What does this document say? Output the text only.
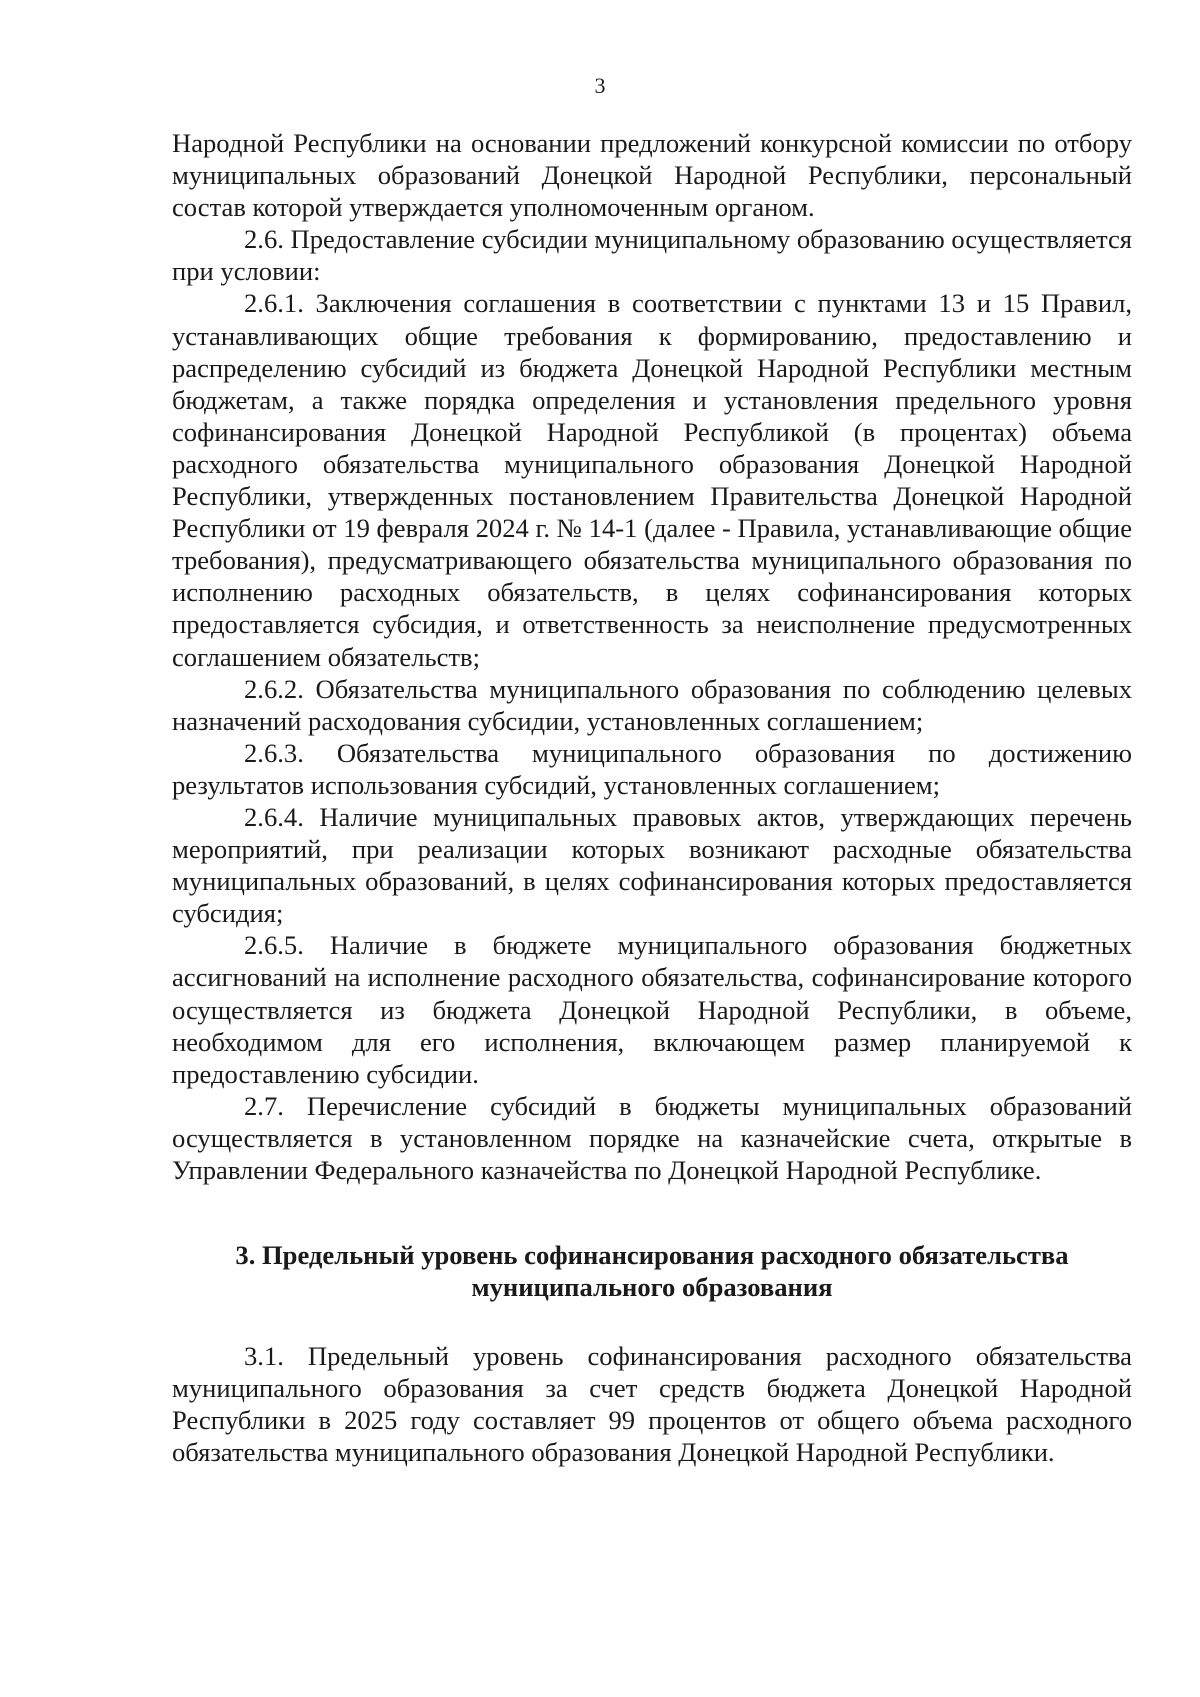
3

Народной Республики на основании предложений конкурсной комиссии по отбору муниципальных образований Донецкой Народной Республики, персональный состав которой утверждается уполномоченным органом.

2.6. Предоставление субсидии муниципальному образованию осуществляется при условии:

2.6.1. Заключения соглашения в соответствии с пунктами 13 и 15 Правил, устанавливающих общие требования к формированию, предоставлению и распределению субсидий из бюджета Донецкой Народной Республики местным бюджетам, а также порядка определения и установления предельного уровня софинансирования Донецкой Народной Республикой (в процентах) объема расходного обязательства муниципального образования Донецкой Народной Республики, утвержденных постановлением Правительства Донецкой Народной Республики от 19 февраля 2024 г. № 14-1 (далее - Правила, устанавливающие общие требования), предусматривающего обязательства муниципального образования по исполнению расходных обязательств, в целях софинансирования которых предоставляется субсидия, и ответственность за неисполнение предусмотренных соглашением обязательств;

2.6.2. Обязательства муниципального образования по соблюдению целевых назначений расходования субсидии, установленных соглашением;

2.6.3. Обязательства муниципального образования по достижению результатов использования субсидий, установленных соглашением;

2.6.4. Наличие муниципальных правовых актов, утверждающих перечень мероприятий, при реализации которых возникают расходные обязательства муниципальных образований, в целях софинансирования которых предоставляется субсидия;

2.6.5. Наличие в бюджете муниципального образования бюджетных ассигнований на исполнение расходного обязательства, софинансирование которого осуществляется из бюджета Донецкой Народной Республики, в объеме, необходимом для его исполнения, включающем размер планируемой к предоставлению субсидии.

2.7. Перечисление субсидий в бюджеты муниципальных образований осуществляется в установленном порядке на казначейские счета, открытые в Управлении Федерального казначейства по Донецкой Народной Республике.

3. Предельный уровень софинансирования расходного обязательства
муниципального образования

3.1. Предельный уровень софинансирования расходного обязательства муниципального образования за счет средств бюджета Донецкой Народной Республики в 2025 году составляет 99 процентов от общего объема расходного обязательства муниципального образования Донецкой Народной Республики.
